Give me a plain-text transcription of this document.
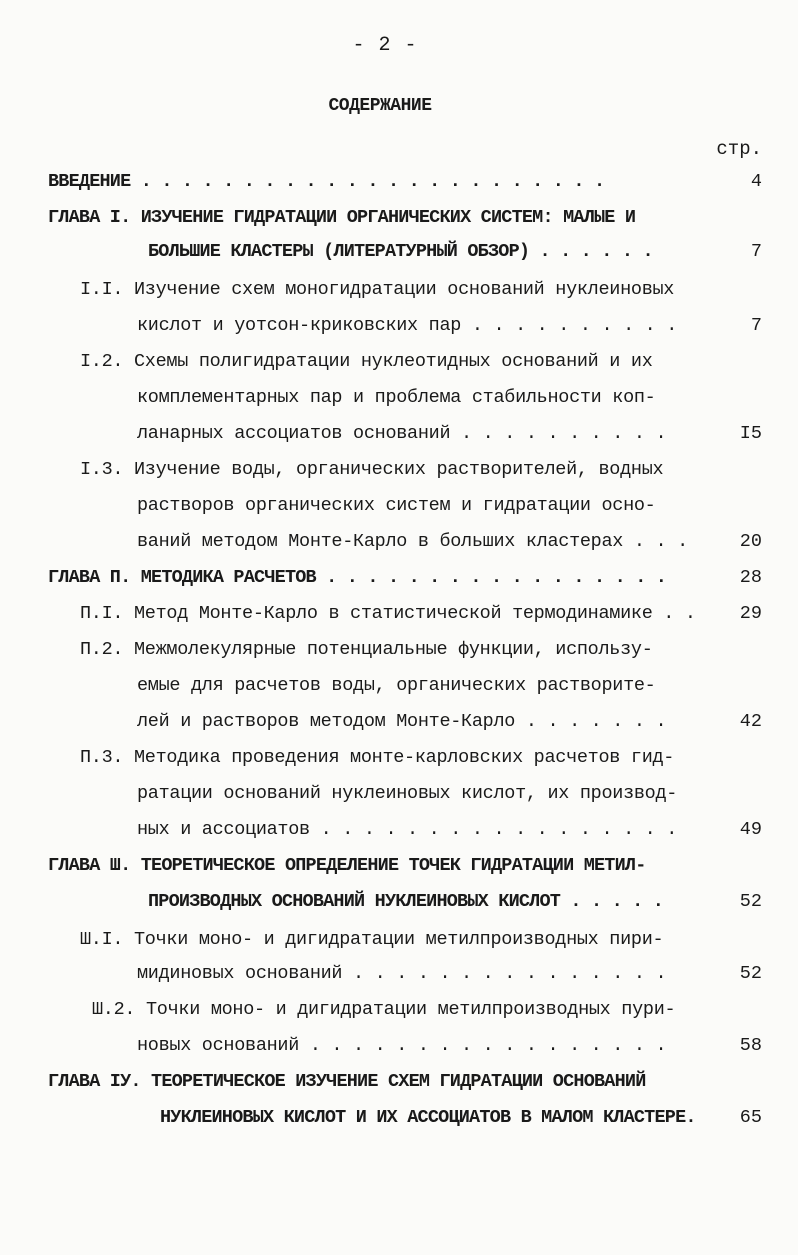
- 2 -
СОДЕРЖАНИЕ
стр.
ВВЕДЕНИЕ . . . . . . . . . . . . . . . . . . . . . . .	4
ГЛАВА I. ИЗУЧЕНИЕ ГИДРАТАЦИИ ОРГАНИЧЕСКИХ СИСТЕМ: МАЛЫЕ И
БОЛЬШИЕ КЛАСТЕРЫ (ЛИТЕРАТУРНЫЙ ОБЗОР) . . . . . .	7
I.I. Изучение схем моногидратации оснований нуклеиновых
кислот и уотсон-криковских пар . . . . . . . . . .	7
I.2. Схемы полигидратации нуклеотидных оснований и их
комплементарных пар и проблема стабильности коп-
ланарных ассоциатов оснований . . . . . . . . . .	I5
I.3. Изучение воды, органических растворителей, водных
растворов органических систем и гидратации осно-
ваний методом Монте-Карло в больших кластерах . . .	20
ГЛАВА П. МЕТОДИКА РАСЧЕТОВ . . . . . . . . . . . . . . . . .	28
П.I. Метод Монте-Карло в статистической термодинамике . . 29
П.2. Межмолекулярные потенциальные функции, использу-
емые для расчетов воды, органических растворите-
лей и растворов методом Монте-Карло . . . . . . .	42
П.3. Методика проведения монте-карловских расчетов гид-
ратации оснований нуклеиновых кислот, их производ-
ных и ассоциатов . . . . . . . . . . . . . . . . .	49
ГЛАВА Ш. ТЕОРЕТИЧЕСКОЕ ОПРЕДЕЛЕНИЕ ТОЧЕК ГИДРАТАЦИИ МЕТИЛ-
ПРОИЗВОДНЫХ ОСНОВАНИЙ НУКЛЕИНОВЫХ КИСЛОТ . . . . .	52
Ш.I. Точки моно- и дигидратации метилпроизводных пири-
мидиновых оснований . . . . . . . . . . . . . . .	52
Ш.2. Точки моно- и дигидратации метилпроизводных пури-
новых оснований . . . . . . . . . . . . . . . . .	58
ГЛАВА IУ. ТЕОРЕТИЧЕСКОЕ ИЗУЧЕНИЕ СХЕМ ГИДРАТАЦИИ ОСНОВАНИЙ
НУКЛЕИНОВЫХ КИСЛОТ И ИХ АССОЦИАТОВ В МАЛОМ КЛАСТЕРЕ. 65
